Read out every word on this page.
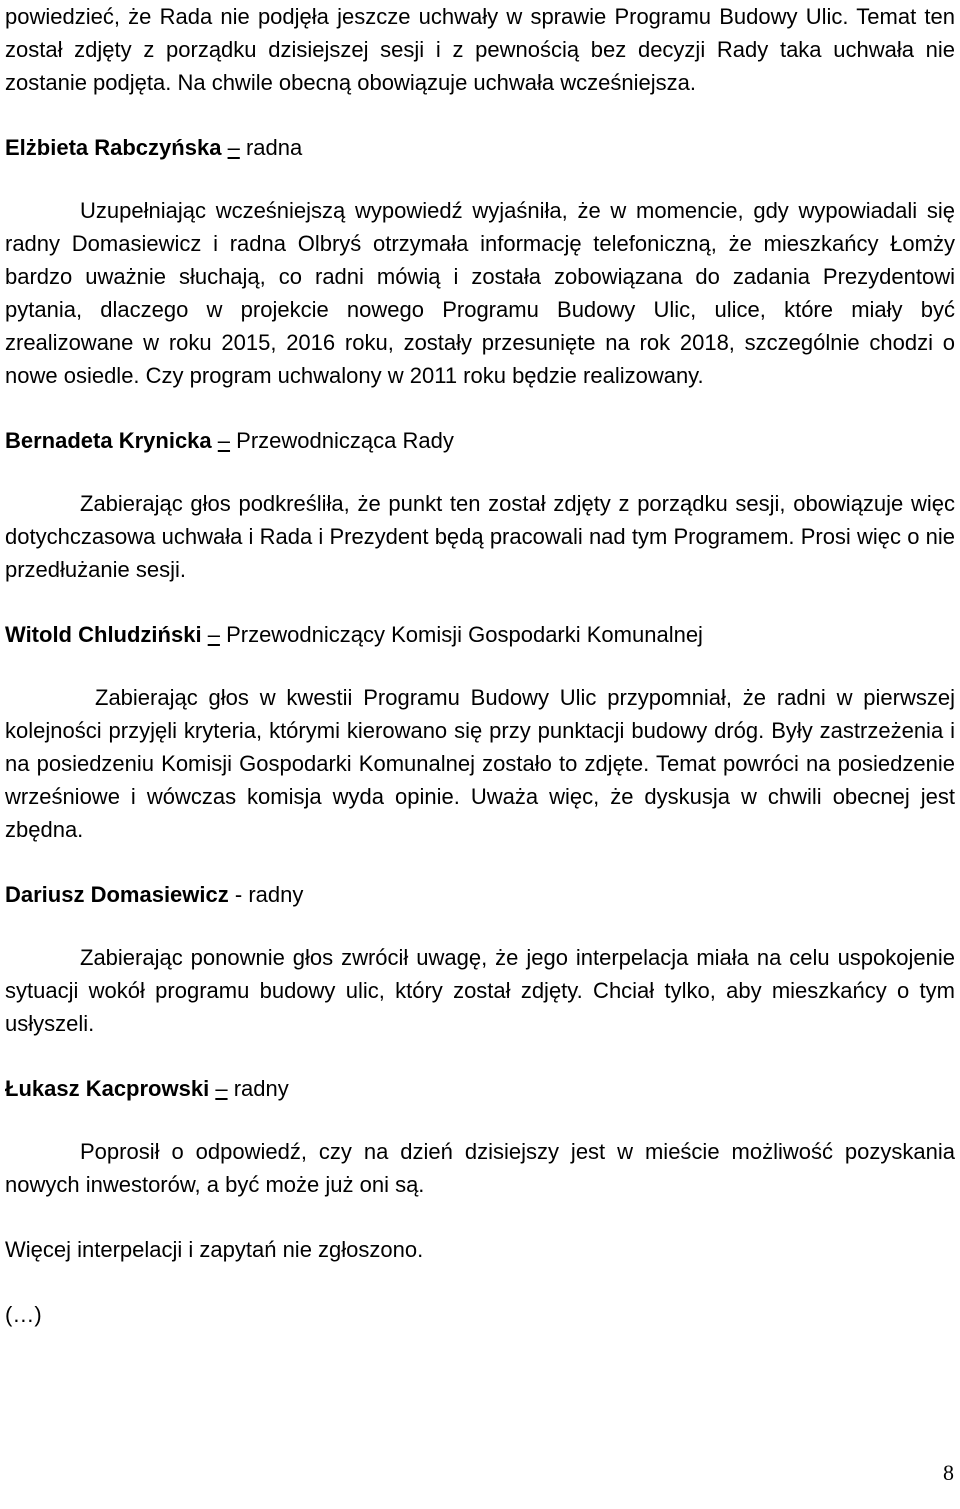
powiedzieć, że Rada nie podjęła jeszcze uchwały w sprawie Programu Budowy Ulic. Temat ten został zdjęty z porządku dzisiejszej sesji i z pewnością bez decyzji Rady taka uchwała nie zostanie podjęta. Na chwile obecną obowiązuje uchwała wcześniejsza.

Elżbieta Rabczyńska – radna

Uzupełniając wcześniejszą wypowiedź wyjaśniła, że w momencie, gdy wypowiadali się radny Domasiewicz i radna Olbryś otrzymała informację telefoniczną, że mieszkańcy Łomży bardzo uważnie słuchają, co radni mówią i została zobowiązana do zadania Prezydentowi pytania, dlaczego w projekcie nowego Programu Budowy Ulic, ulice, które miały być zrealizowane w roku 2015, 2016 roku, zostały przesunięte na rok 2018, szczególnie chodzi o nowe osiedle. Czy program uchwalony w 2011 roku będzie realizowany.

Bernadeta Krynicka – Przewodnicząca Rady

Zabierając głos podkreśliła, że punkt ten został zdjęty z porządku sesji, obowiązuje więc dotychczasowa uchwała i Rada i Prezydent będą pracowali nad tym Programem. Prosi więc o nie przedłużanie sesji.

Witold Chludziński – Przewodniczący Komisji Gospodarki Komunalnej

Zabierając głos w kwestii Programu Budowy Ulic przypomniał, że radni w pierwszej kolejności przyjęli kryteria, którymi kierowano się przy punktacji budowy dróg. Były zastrzeżenia i na posiedzeniu Komisji Gospodarki Komunalnej zostało to zdjęte. Temat powróci na posiedzenie wrześniowe i wówczas komisja wyda opinie. Uważa więc, że dyskusja w chwili obecnej jest zbędna.

Dariusz Domasiewicz - radny

Zabierając ponownie głos zwrócił uwagę, że jego interpelacja miała na celu uspokojenie sytuacji wokół programu budowy ulic, który został zdjęty. Chciał tylko, aby mieszkańcy o tym usłyszeli.

Łukasz Kacprowski – radny

Poprosił o odpowiedź, czy na dzień dzisiejszy jest w mieście możliwość pozyskania nowych inwestorów, a być może już oni są.

Więcej interpelacji i zapytań nie zgłoszono.

(…)

8
